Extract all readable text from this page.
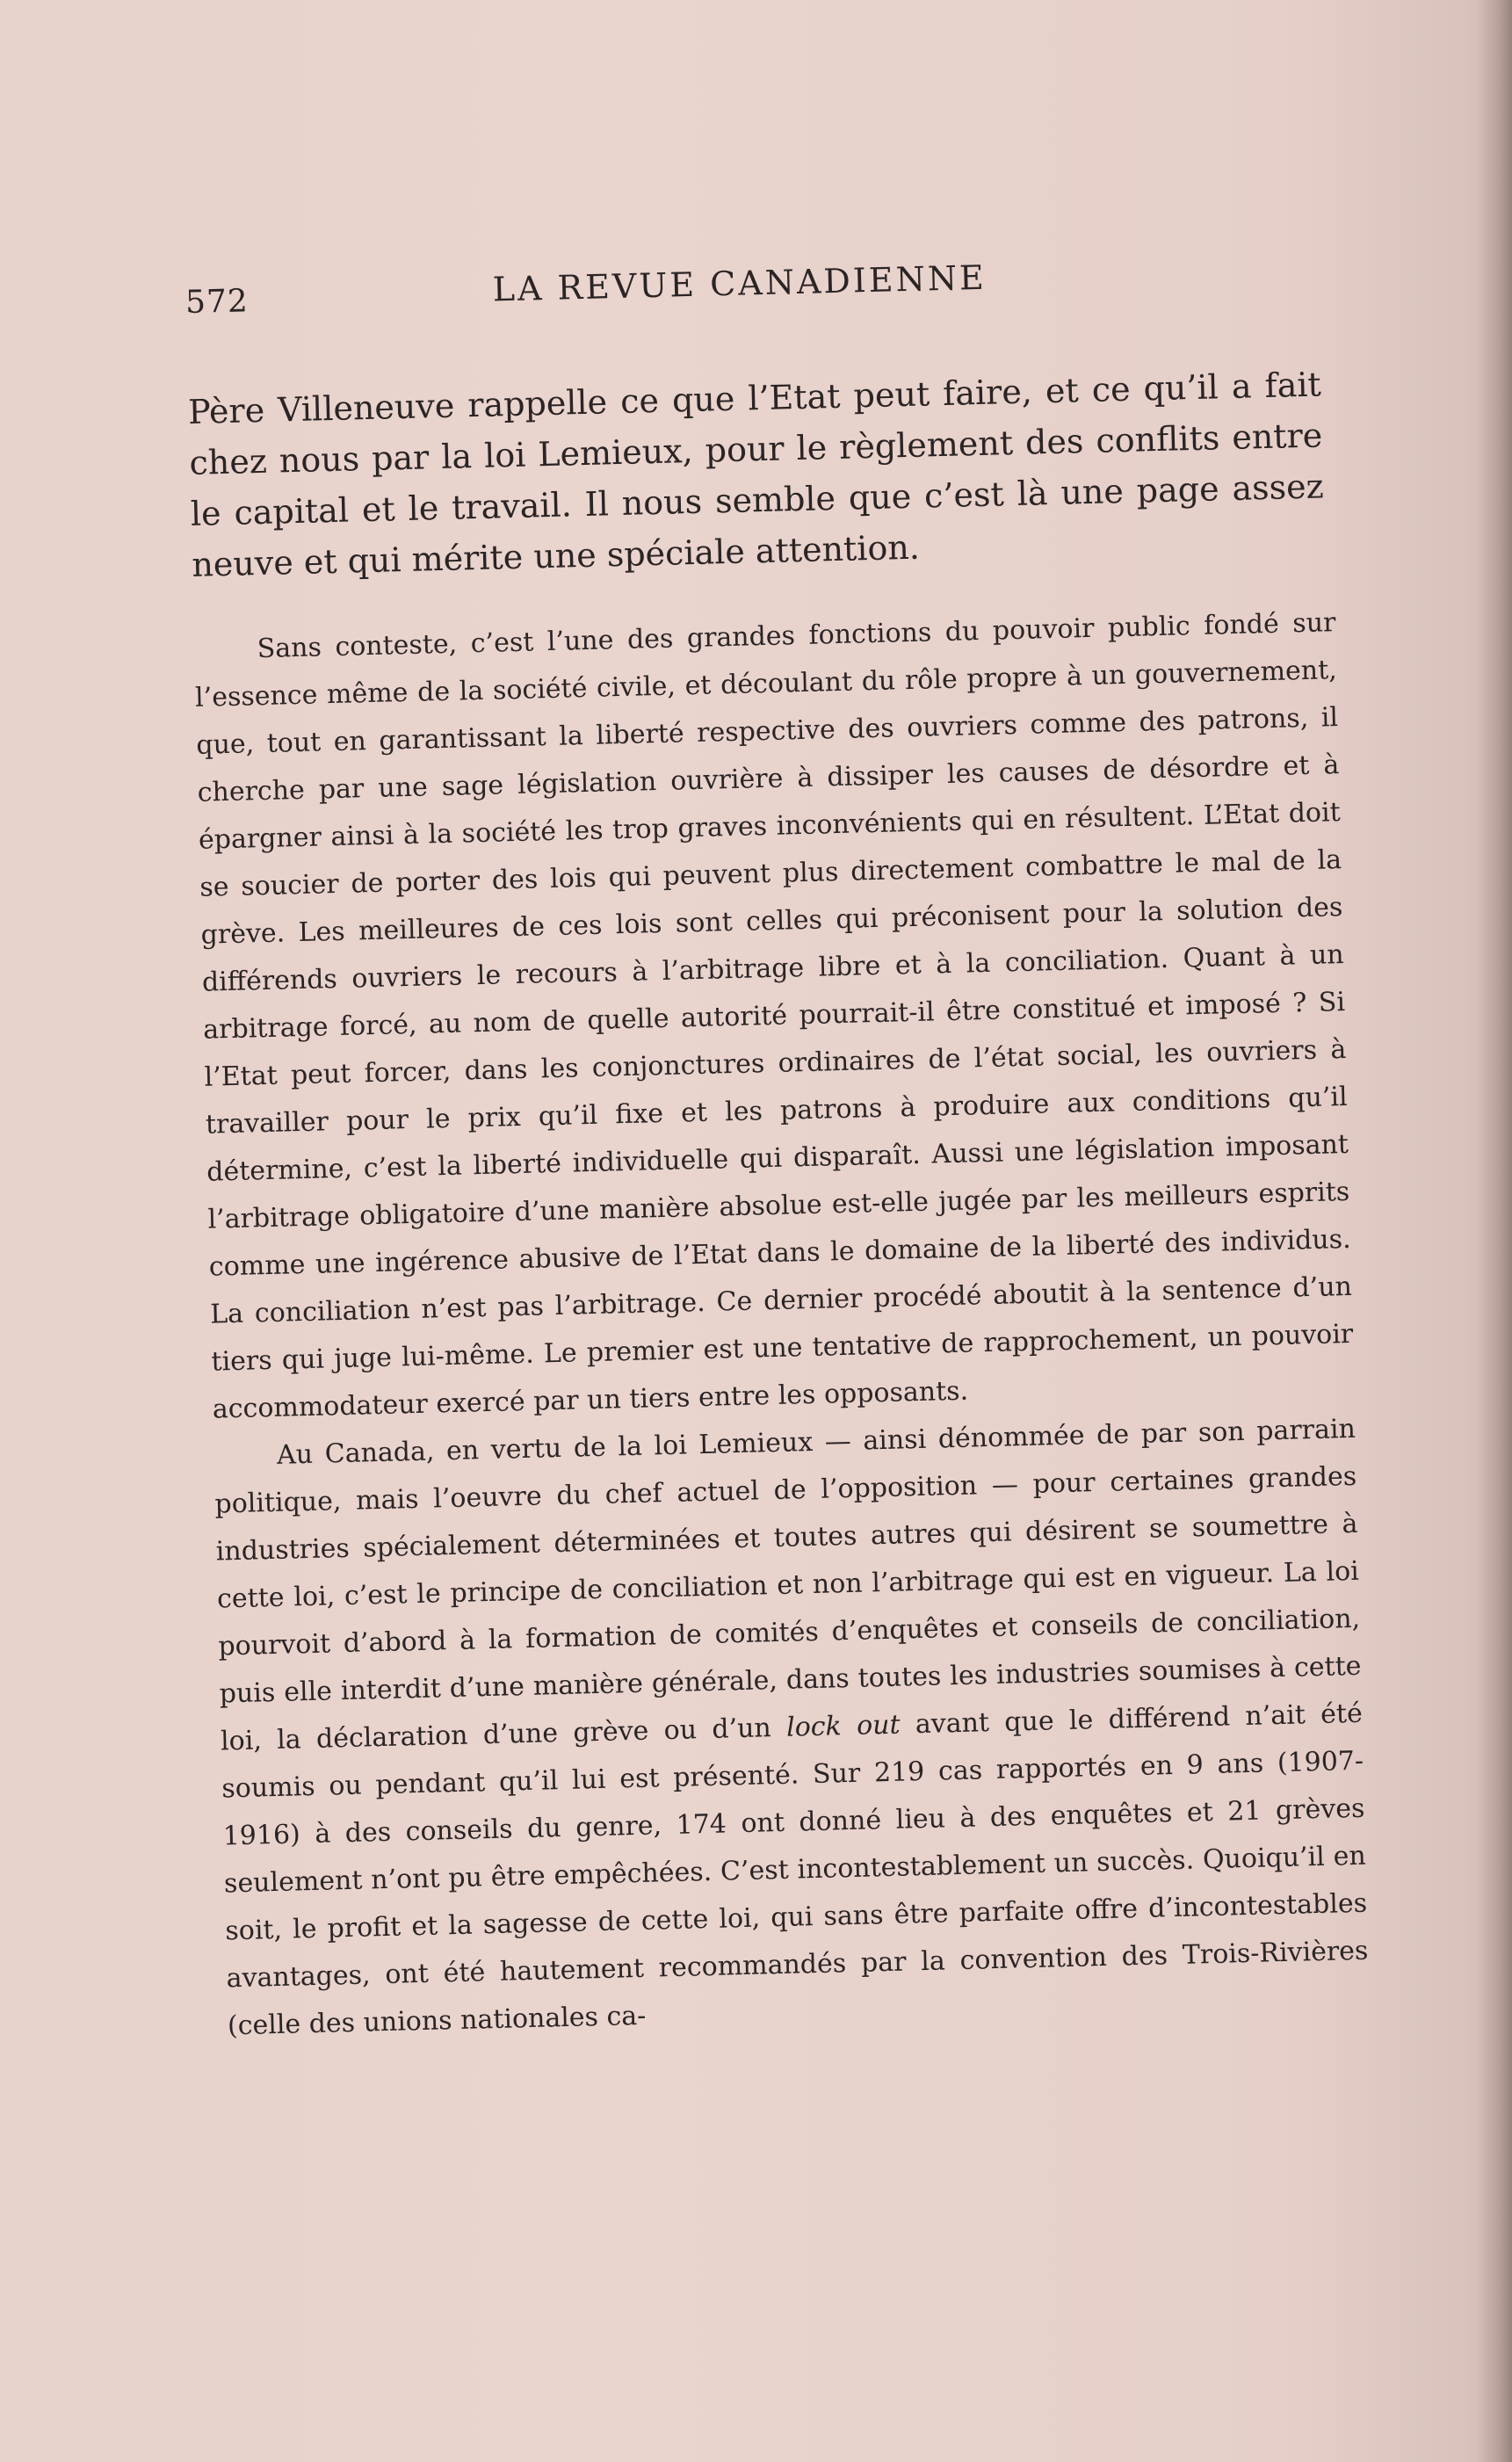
572	LA REVUE CANADIENNE

Père Villeneuve rappelle ce que l’Etat peut faire, et ce qu’il a fait chez nous par la loi Lemieux, pour le règlement des conflits entre le capital et le travail. Il nous semble que c’est là une page assez neuve et qui mérite une spéciale attention.

Sans conteste, c’est l’une des grandes fonctions du pouvoir public fondé sur l’essence même de la société civile, et découlant du rôle propre à un gouvernement, que, tout en garantissant la liberté respective des ouvriers comme des patrons, il cherche par une sage législation ouvrière à dissiper les causes de désordre et à épargner ainsi à la société les trop graves inconvénients qui en résultent. L’Etat doit se soucier de porter des lois qui peuvent plus directement combattre le mal de la grève. Les meilleures de ces lois sont celles qui préconisent pour la solution des différends ouvriers le recours à l’arbitrage libre et à la conciliation. Quant à un arbitrage forcé, au nom de quelle autorité pourrait-il être constitué et imposé ? Si l’Etat peut forcer, dans les conjonctures ordinaires de l’état social, les ouvriers à travailler pour le prix qu’il fixe et les patrons à produire aux conditions qu’il détermine, c’est la liberté individuelle qui disparaît. Aussi une législation imposant l’arbitrage obligatoire d’une manière absolue est-elle jugée par les meilleurs esprits comme une ingérence abusive de l’Etat dans le domaine de la liberté des individus. La conciliation n’est pas l’arbitrage. Ce dernier procédé aboutit à la sentence d’un tiers qui juge lui-même. Le premier est une tentative de rapprochement, un pouvoir accommodateur exercé par un tiers entre les opposants.

Au Canada, en vertu de la loi Lemieux — ainsi dénommée de par son parrain politique, mais l’oeuvre du chef actuel de l’opposition — pour certaines grandes industries spécialement déterminées et toutes autres qui désirent se soumettre à cette loi, c’est le principe de conciliation et non l’arbitrage qui est en vigueur. La loi pourvoit d’abord à la formation de comités d’enquêtes et conseils de conciliation, puis elle interdit d’une manière générale, dans toutes les industries soumises à cette loi, la déclaration d’une grève ou d’un lock out avant que le différend n’ait été soumis ou pendant qu’il lui est présenté. Sur 219 cas rapportés en 9 ans (1907-1916) à des conseils du genre, 174 ont donné lieu à des enquêtes et 21 grèves seulement n’ont pu être empêchées. C’est incontestablement un succès. Quoiqu’il en soit, le profit et la sagesse de cette loi, qui sans être parfaite offre d’incontestables avantages, ont été hautement recommandés par la convention des Trois-Rivières (celle des unions nationales ca-
